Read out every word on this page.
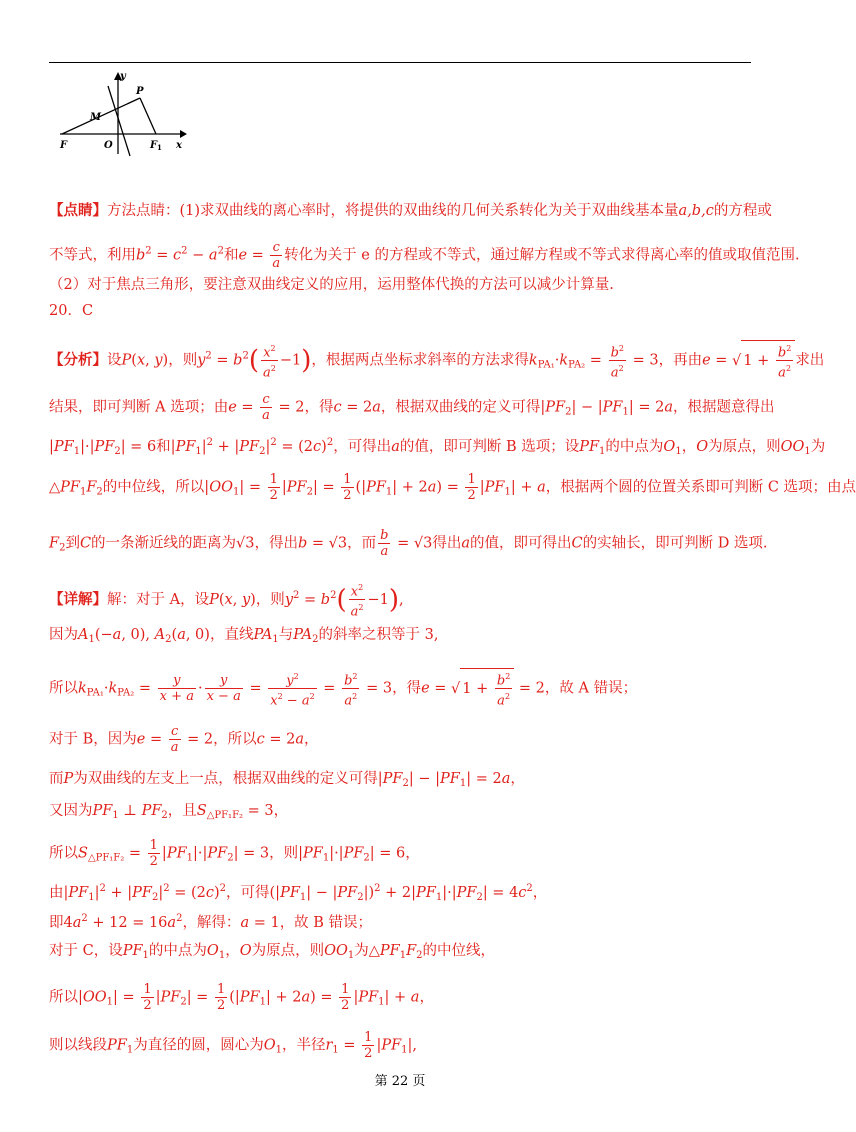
y
P
M
F	O	F 1 x
【点睛】方法点睛：(1)求双曲线的离心率时，将提供的双曲线的几何关系转化为关于双曲线基本量a,b,c的方程或
不等式，利用$b^2 = c^2 - a^2$和$e = \frac{c}{a}$ 转化为关于 e 的方程或不等式，通过解方程或不等式求得离心率的值或取值范围.
（2）对于焦点三角形，要注意双曲线定义的应用，运用整体代换的方法可以减少计算量.
20．C
【分析】设P(x, y)，则$y^2 = b^2( \frac{x^2}{a^2} -1)$，根据两点坐标求斜率的方法求得$k_{PA_1}\cdot k_{PA_2} = \frac{b^2}{a^2} = 3$，再由e = √ $1 + \frac{b^2}{a^2}$ 求出
结果，即可判断 A 选项；由$e = \frac{c}{a} = 2$，得c = 2a，根据双曲线的定义可得$|PF_2| - |PF_1| = 2a$，根据题意得出
$|PF_1|\cdot|PF_2| = 6$和$|PF_1|^2 + |PF_2|^2 = (2c)^2$，可得出a的值，即可判断 B 选项；设$PF_1$的中点为$O_1$，O为原点，则$OO_1$为
$\triangle PF_1F_2$的中位线，所以$|OO_1| = \frac{1}{2} |PF_2| = \frac{1}{2} (|PF_1| + 2a) = \frac{1}{2} |PF_1| + a$，根据两个圆的位置关系即可判断 C 选项；由点
$F_2$到C的一条渐近线的距离为√3，得出b = √3，而 $\frac{b}{a} = √3$得出a的值，即可得出C的实轴长，即可判断 D 选项.
【详解】解：对于 A，设P(x, y)，则$y^2 = b^2( \frac{x^2}{a^2} -1)$,
因为$A_1(-a$, 0), $A_2(a$, 0)，直线$PA_1$与$PA_2$的斜率之积等于 3,
所以$k_{PA_1}\cdot k_{PA_2} = \frac{y}{x + a} \cdot \frac{y}{x - a} = \frac{y^2}{x^2 - a^2} = \frac{b^2}{a^2} = 3$，得e = √ $1 + \frac{b^2}{a^2} = 2$，故 A 错误；
对于 B，因为$e = \frac{c}{a} = 2$，所以c = 2a，
而P为双曲线的左支上一点，根据双曲线的定义可得$|PF_2| - |PF_1| = 2a$，
又因为$PF_1$ ⊥ $PF_2$，且$S_{\triangle PF_1F_2} = 3$，
所以$S_{\triangle PF_1F_2} = \frac{1}{2} |PF_1|\cdot|PF_2| = 3$，则$|PF_1|\cdot|PF_2| = 6$，
由$|PF_1|^2 + |PF_2|^2 = (2c)^2$，可得$(|PF_1| - |PF_2|)^2 + 2|PF_1|\cdot|PF_2| = 4c^2$，
即$4a^2 + 12 = 16a^2$，解得：a = 1，故 B 错误；
对于 C，设$PF_1$的中点为$O_1$，O为原点，则$OO_1$为$\triangle PF_1F_2$的中位线，
所以$|OO_1| = \frac{1}{2} |PF_2| = \frac{1}{2} (|PF_1| + 2a) = \frac{1}{2} |PF_1| + a$，
则以线段$PF_1$为直径的圆，圆心为$O_1$，半径$r_1 = \frac{1}{2} |PF_1|$,
第 22 页
